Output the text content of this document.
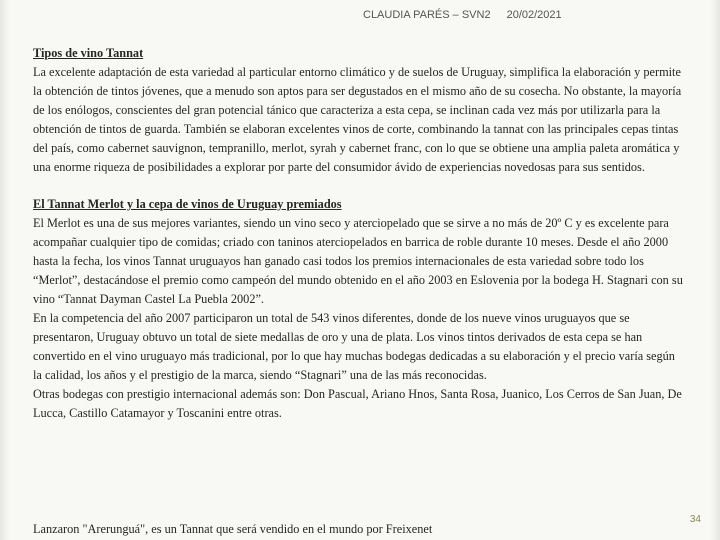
CLAUDIA PARÉS – SVN2 20/02/2021

Tipos de vino Tannat

La excelente adaptación de esta variedad al particular entorno climático y de suelos de Uruguay, simplifica la elaboración y permite la obtención de tintos jóvenes, que a menudo son aptos para ser degustados en el mismo año de su cosecha. No obstante, la mayoría de los enólogos, conscientes del gran potencial tánico que caracteriza a esta cepa, se inclinan cada vez más por utilizarla para la obtención de tintos de guarda. También se elaboran excelentes vinos de corte, combinando la tannat con las principales cepas tintas del país, como cabernet sauvignon, tempranillo, merlot, syrah y cabernet franc, con lo que se obtiene una amplia paleta aromática y una enorme riqueza de posibilidades a explorar por parte del consumidor ávido de experiencias novedosas para sus sentidos.

El Tannat Merlot y la cepa de vinos de Uruguay premiados

El Merlot es una de sus mejores variantes, siendo un vino seco y aterciopelado que se sirve a no más de 20º C y es excelente para acompañar cualquier tipo de comidas; criado con taninos aterciopelados en barrica de roble durante 10 meses. Desde el año 2000 hasta la fecha, los vinos Tannat uruguayos han ganado casi todos los premios internacionales de esta variedad sobre todo los “Merlot”, destacándose el premio como campeón del mundo obtenido en el año 2003 en Eslovenia por la bodega H. Stagnari con su vino “Tannat Dayman Castel La Puebla 2002”.

En la competencia del año 2007 participaron un total de 543 vinos diferentes, donde de los nueve vinos uruguayos que se presentaron, Uruguay obtuvo un total de siete medallas de oro y una de plata. Los vinos tintos derivados de esta cepa se han convertido en el vino uruguayo más tradicional, por lo que hay muchas bodegas dedicadas a su elaboración y el precio varía según la calidad, los años y el prestigio de la marca, siendo “Stagnari” una de las más reconocidas.

Otras bodegas con prestigio internacional además son: Don Pascual, Ariano Hnos, Santa Rosa, Juanico, Los Cerros de San Juan, De Lucca, Castillo Catamayor y Toscanini entre otras.

Lanzaron "Arerunguá", es un Tannat que será vendido en el mundo por Freixenet
34
